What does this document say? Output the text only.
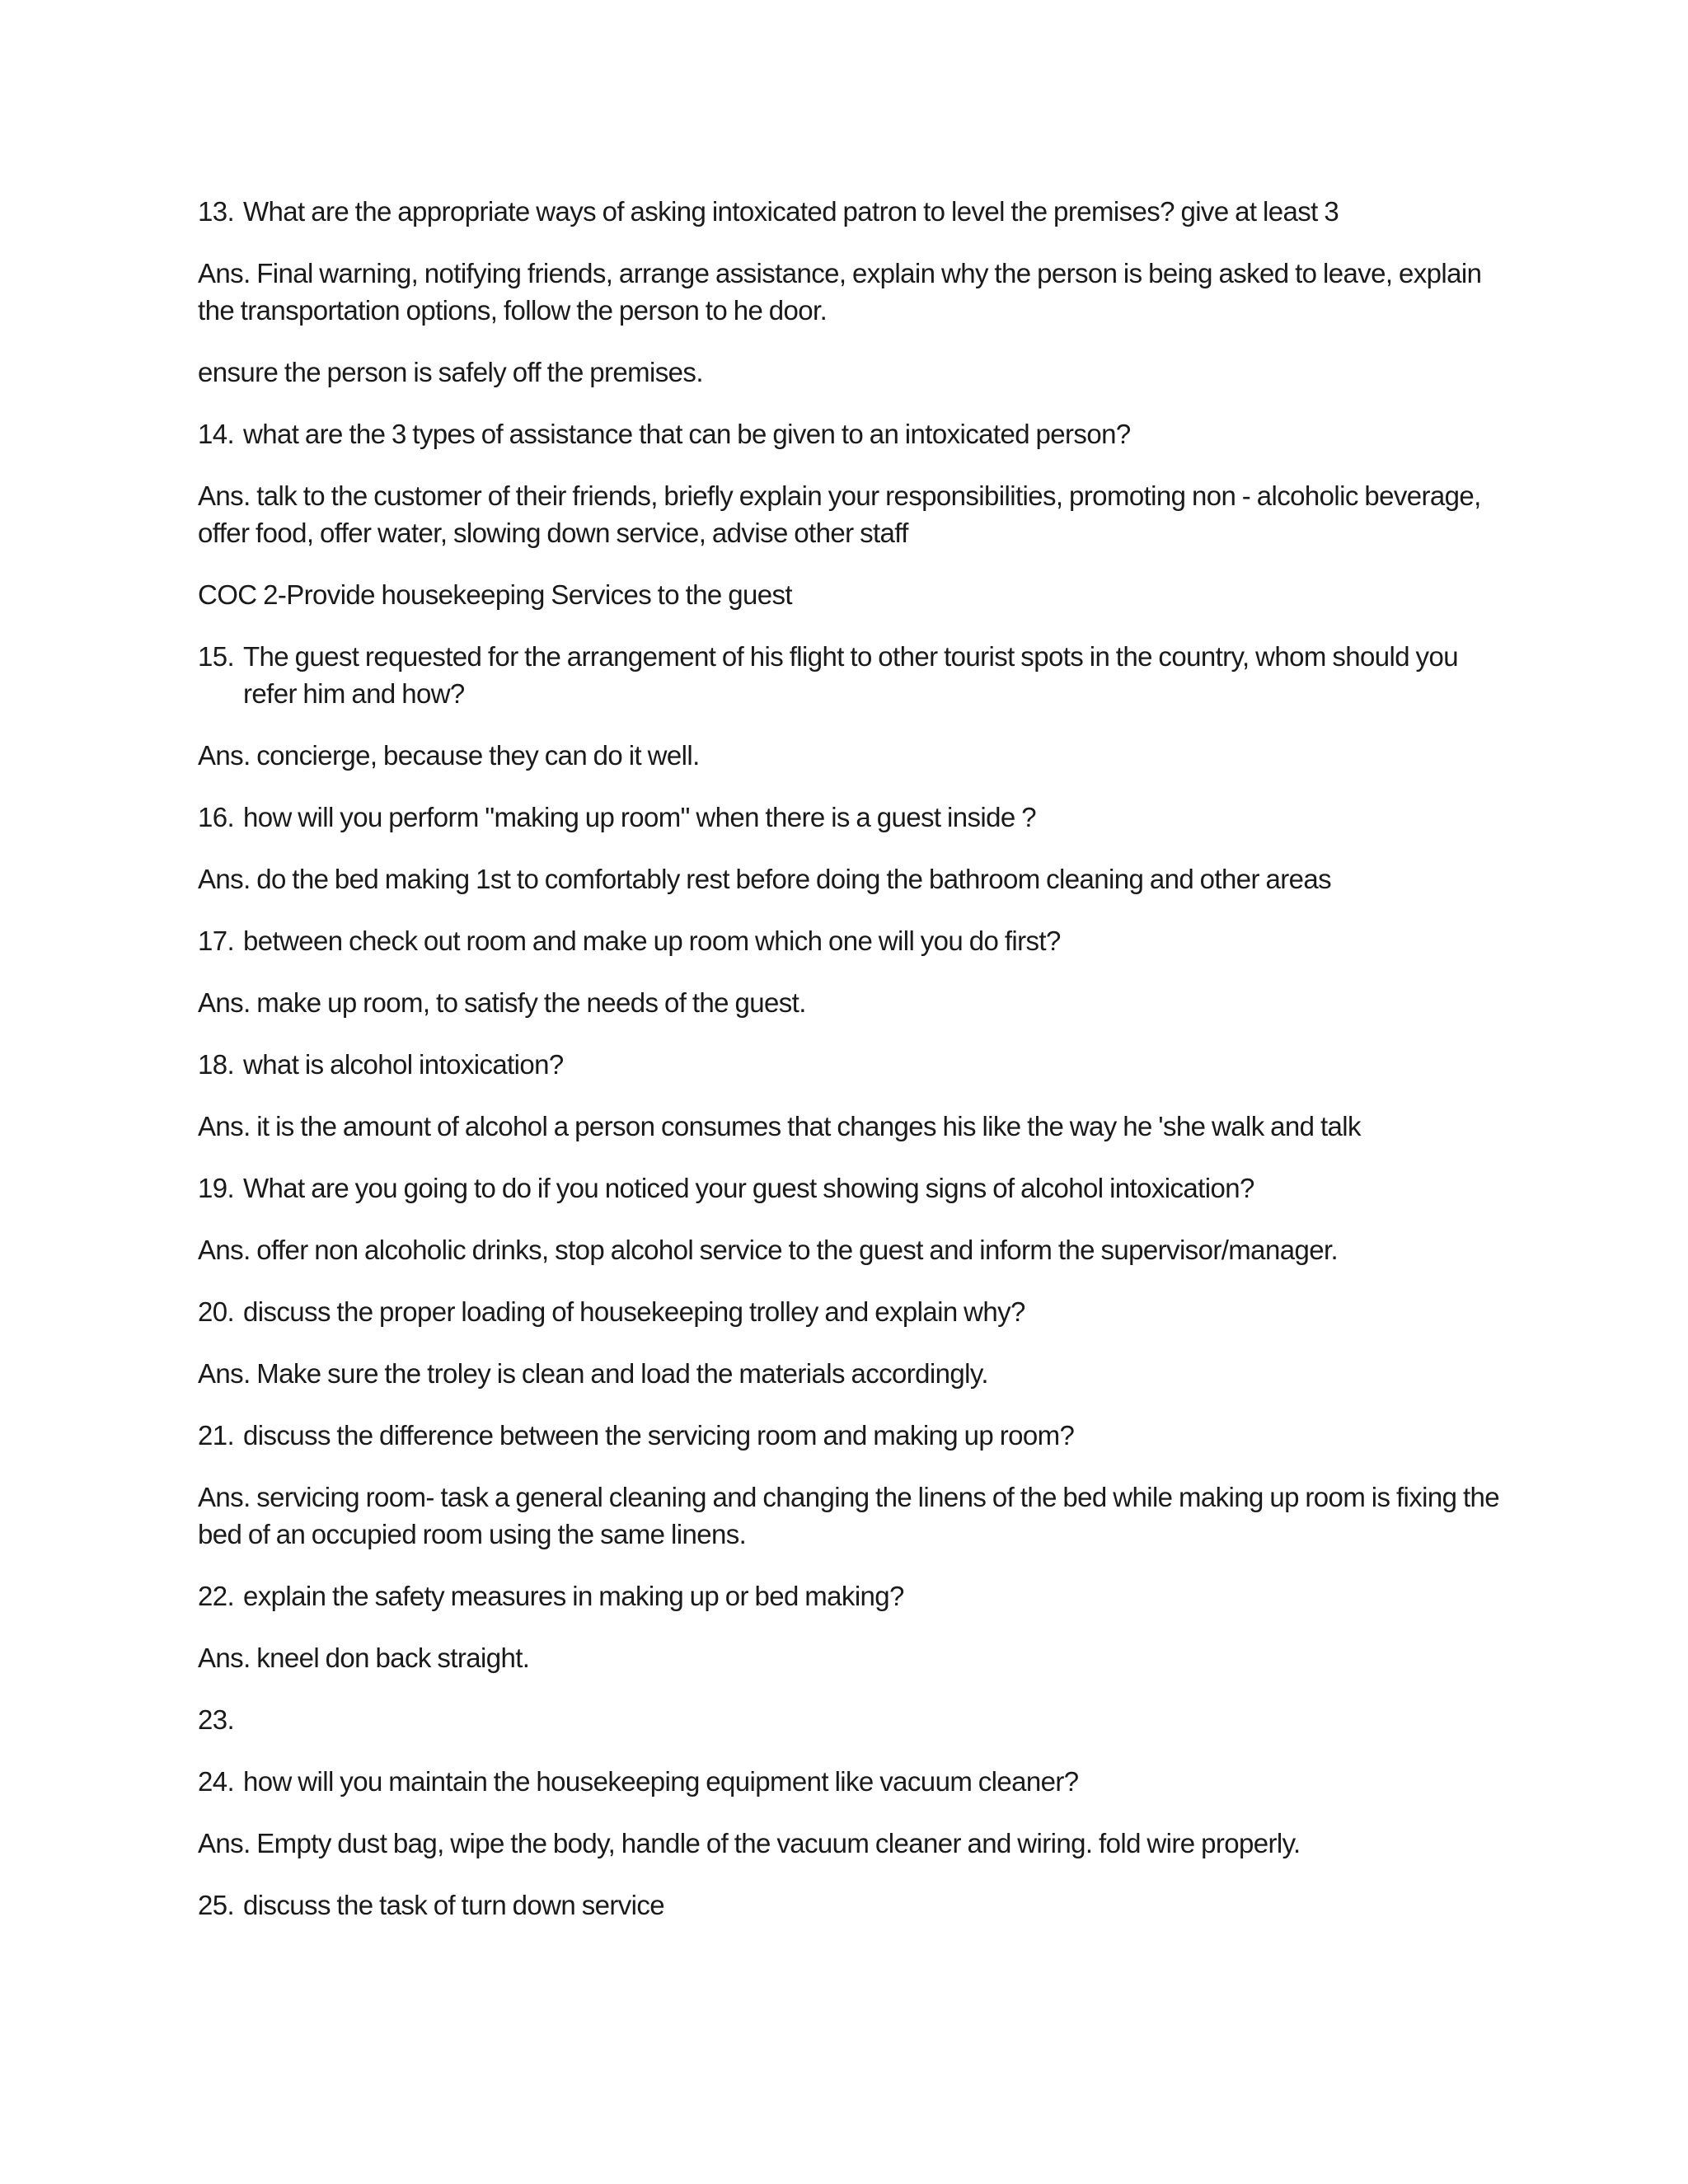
13. What are the appropriate ways of asking intoxicated patron to level the premises? give at least 3

Ans. Final warning, notifying friends, arrange assistance, explain why the person is being asked to leave, explain the transportation options, follow the person to he door.

ensure the person is safely off the premises.

14. what are the 3 types of assistance that can be given to an intoxicated person?

Ans. talk to the customer of their friends, briefly explain your responsibilities, promoting non - alcoholic beverage, offer food, offer water, slowing down service, advise other staff

COC 2-Provide housekeeping Services to the guest

15. The guest requested for the arrangement of his flight to other tourist spots in the country, whom should you refer him and how?

Ans. concierge, because they can do it well.

16. how will you perform "making up room" when there is a guest inside ?

Ans. do the bed making 1st to comfortably rest before doing the bathroom cleaning and other areas

17. between check out room and make up room which one will you do first?

Ans. make up room, to satisfy the needs of the guest.

18. what is alcohol intoxication?

Ans. it is the amount of alcohol a person consumes that changes his like the way he 'she walk and talk

19. What are you going to do if you noticed your guest showing signs of alcohol intoxication?

Ans. offer non alcoholic drinks, stop alcohol service to the guest and inform the supervisor/manager.

20. discuss the proper loading of housekeeping trolley and explain why?

Ans. Make sure the troley is clean and load the materials accordingly.

21. discuss the difference between the servicing room and making up room?

Ans. servicing room- task a general cleaning and changing the linens of the bed while making up room is fixing the bed of an occupied room using the same linens.

22. explain the safety measures in making up or bed making?

Ans. kneel don back straight.

23.

24. how will you maintain the housekeeping equipment like vacuum cleaner?

Ans. Empty dust bag, wipe the body, handle of the vacuum cleaner and wiring. fold wire properly.

25. discuss the task of turn down service
